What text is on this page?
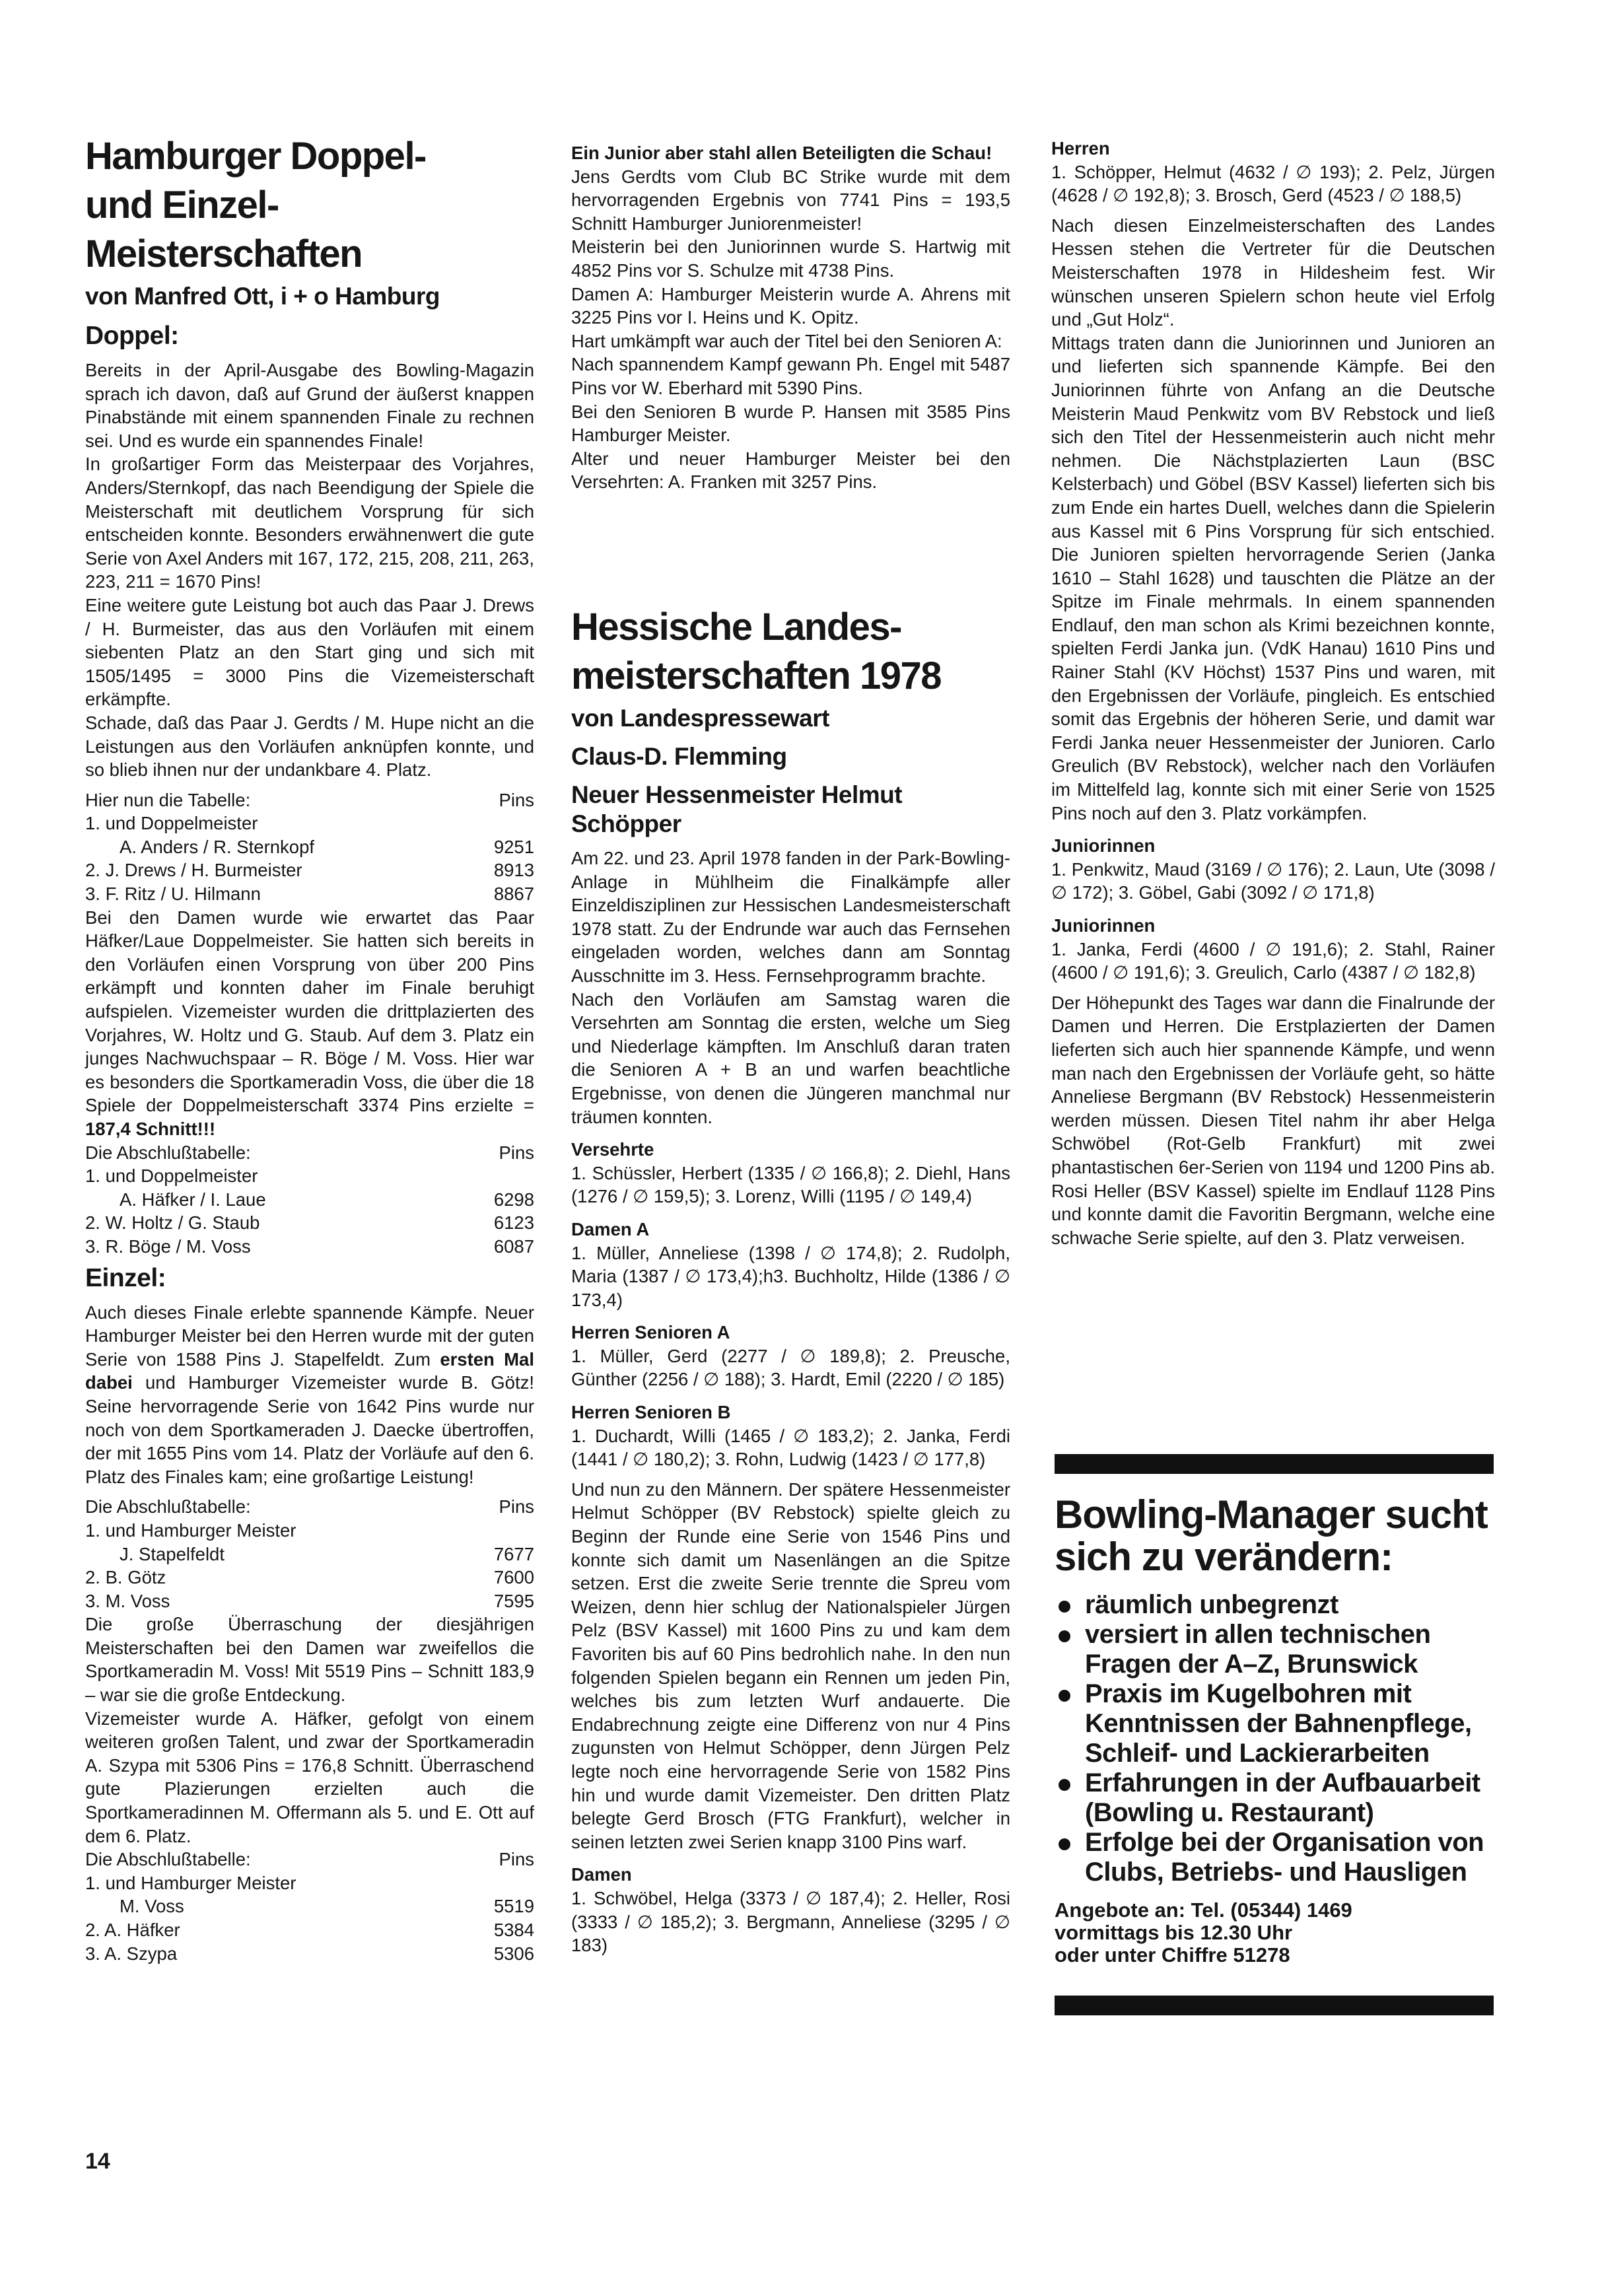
Hamburger Doppel-
und Einzel-
Meisterschaften
von Manfred Ott, i + o Hamburg
Doppel:

Bereits in der April-Ausgabe des Bowling-Magazin sprach ich davon, daß auf Grund der äußerst knappen Pinabstände mit einem spannenden Finale zu rechnen sei. Und es wurde ein spannendes Finale!

In großartiger Form das Meisterpaar des Vorjahres, Anders/Sternkopf, das nach Beendigung der Spiele die Meisterschaft mit deutlichem Vorsprung für sich entscheiden konnte. Besonders erwähnenwert die gute Serie von Axel Anders mit 167, 172, 215, 208, 211, 263, 223, 211 = 1670 Pins!

Eine weitere gute Leistung bot auch das Paar J. Drews / H. Burmeister, das aus den Vorläufen mit einem siebenten Platz an den Start ging und sich mit 1505/1495 = 3000 Pins die Vizemeisterschaft erkämpfte.

Schade, daß das Paar J. Gerdts / M. Hupe nicht an die Leistungen aus den Vorläufen anknüpfen konnte, und so blieb ihnen nur der undankbare 4. Platz.

Hier nun die Tabelle:	Pins
1. und Doppelmeister
A. Anders / R. Sternkopf	9251
2. J. Drews / H. Burmeister	8913
3. F. Ritz / U. Hilmann	8867

Bei den Damen wurde wie erwartet das Paar Häfker/Laue Doppelmeister. Sie hatten sich bereits in den Vorläufen einen Vorsprung von über 200 Pins erkämpft und konnten daher im Finale beruhigt aufspielen. Vizemeister wurden die drittplazierten des Vorjahres, W. Holtz und G. Staub. Auf dem 3. Platz ein junges Nachwuchspaar – R. Böge / M. Voss. Hier war es besonders die Sportkameradin Voss, die über die 18 Spiele der Doppelmeisterschaft 3374 Pins erzielte = 187,4 Schnitt!!!

Die Abschlußtabelle:	Pins
1. und Doppelmeister
A. Häfker / I. Laue	6298
2. W. Holtz / G. Staub	6123
3. R. Böge / M. Voss	6087
Einzel:

Auch dieses Finale erlebte spannende Kämpfe. Neuer Hamburger Meister bei den Herren wurde mit der guten Serie von 1588 Pins J. Stapelfeldt. Zum ersten Mal dabei und Hamburger Vizemeister wurde B. Götz! Seine hervorragende Serie von 1642 Pins wurde nur noch von dem Sportkameraden J. Daecke übertroffen, der mit 1655 Pins vom 14. Platz der Vorläufe auf den 6. Platz des Finales kam; eine großartige Leistung!

Die Abschlußtabelle:	Pins
1. und Hamburger Meister
J. Stapelfeldt	7677
2. B. Götz	7600
3. M. Voss	7595

Die große Überraschung der diesjährigen Meisterschaften bei den Damen war zweifellos die Sportkameradin M. Voss! Mit 5519 Pins – Schnitt 183,9 – war sie die große Entdeckung.

Vizemeister wurde A. Häfker, gefolgt von einem weiteren großen Talent, und zwar der Sportkameradin A. Szypa mit 5306 Pins = 176,8 Schnitt. Überraschend gute Plazierungen erzielten auch die Sportkameradinnen M. Offermann als 5. und E. Ott auf dem 6. Platz.

Die Abschlußtabelle:	Pins
1. und Hamburger Meister
M. Voss	5519
2. A. Häfker	5384
3. A. Szypa	5306

Ein Junior aber stahl allen Beteiligten die Schau!

Jens Gerdts vom Club BC Strike wurde mit dem hervorragenden Ergebnis von 7741 Pins = 193,5 Schnitt Hamburger Juniorenmeister!

Meisterin bei den Juniorinnen wurde S. Hartwig mit 4852 Pins vor S. Schulze mit 4738 Pins.

Damen A: Hamburger Meisterin wurde A. Ahrens mit 3225 Pins vor I. Heins und K. Opitz.

Hart umkämpft war auch der Titel bei den Senioren A:

Nach spannendem Kampf gewann Ph. Engel mit 5487 Pins vor W. Eberhard mit 5390 Pins.

Bei den Senioren B wurde P. Hansen mit 3585 Pins Hamburger Meister.

Alter und neuer Hamburger Meister bei den Versehrten: A. Franken mit 3257 Pins.

Hessische Landes-
meisterschaften 1978
von Landespressewart
Claus-D. Flemming
Neuer Hessenmeister Helmut Schöpper

Am 22. und 23. April 1978 fanden in der Park-Bowling-Anlage in Mühlheim die Finalkämpfe aller Einzeldisziplinen zur Hessischen Landesmeisterschaft 1978 statt. Zu der Endrunde war auch das Fernsehen eingeladen worden, welches dann am Sonntag Ausschnitte im 3. Hess. Fernsehprogramm brachte.

Nach den Vorläufen am Samstag waren die Versehrten am Sonntag die ersten, welche um Sieg und Niederlage kämpften. Im Anschluß daran traten die Senioren A + B an und warfen beachtliche Ergebnisse, von denen die Jüngeren manchmal nur träumen konnten.

Versehrte

1. Schüssler, Herbert (1335 / ∅ 166,8); 2. Diehl, Hans (1276 / ∅ 159,5); 3. Lorenz, Willi (1195 / ∅ 149,4)

Damen A

1. Müller, Anneliese (1398 / ∅ 174,8); 2. Rudolph, Maria (1387 / ∅ 173,4);h3. Buchholtz, Hilde (1386 / ∅ 173,4)

Herren Senioren A

1. Müller, Gerd (2277 / ∅ 189,8); 2. Preusche, Günther (2256 / ∅ 188); 3. Hardt, Emil (2220 / ∅ 185)

Herren Senioren B

1. Duchardt, Willi (1465 / ∅ 183,2); 2. Janka, Ferdi (1441 / ∅ 180,2); 3. Rohn, Ludwig (1423 / ∅ 177,8)

Und nun zu den Männern. Der spätere Hessenmeister Helmut Schöpper (BV Rebstock) spielte gleich zu Beginn der Runde eine Serie von 1546 Pins und konnte sich damit um Nasenlängen an die Spitze setzen. Erst die zweite Serie trennte die Spreu vom Weizen, denn hier schlug der Nationalspieler Jürgen Pelz (BSV Kassel) mit 1600 Pins zu und kam dem Favoriten bis auf 60 Pins bedrohlich nahe. In den nun folgenden Spielen begann ein Rennen um jeden Pin, welches bis zum letzten Wurf andauerte. Die Endabrechnung zeigte eine Differenz von nur 4 Pins zugunsten von Helmut Schöpper, denn Jürgen Pelz legte noch eine hervorragende Serie von 1582 Pins hin und wurde damit Vizemeister. Den dritten Platz belegte Gerd Brosch (FTG Frankfurt), welcher in seinen letzten zwei Serien knapp 3100 Pins warf.

Damen

1. Schwöbel, Helga (3373 / ∅ 187,4); 2. Heller, Rosi (3333 / ∅ 185,2); 3. Bergmann, Anneliese (3295 / ∅ 183)

Herren

1. Schöpper, Helmut (4632 / ∅ 193); 2. Pelz, Jürgen (4628 / ∅ 192,8); 3. Brosch, Gerd (4523 / ∅ 188,5)

Nach diesen Einzelmeisterschaften des Landes Hessen stehen die Vertreter für die Deutschen Meisterschaften 1978 in Hildesheim fest. Wir wünschen unseren Spielern schon heute viel Erfolg und „Gut Holz“.

Mittags traten dann die Juniorinnen und Junioren an und lieferten sich spannende Kämpfe. Bei den Juniorinnen führte von Anfang an die Deutsche Meisterin Maud Penkwitz vom BV Rebstock und ließ sich den Titel der Hessenmeisterin auch nicht mehr nehmen. Die Nächstplazierten Laun (BSC Kelsterbach) und Göbel (BSV Kassel) lieferten sich bis zum Ende ein hartes Duell, welches dann die Spielerin aus Kassel mit 6 Pins Vorsprung für sich entschied. Die Junioren spielten hervorragende Serien (Janka 1610 – Stahl 1628) und tauschten die Plätze an der Spitze im Finale mehrmals. In einem spannenden Endlauf, den man schon als Krimi bezeichnen konnte, spielten Ferdi Janka jun. (VdK Hanau) 1610 Pins und Rainer Stahl (KV Höchst) 1537 Pins und waren, mit den Ergebnissen der Vorläufe, pingleich. Es entschied somit das Ergebnis der höheren Serie, und damit war Ferdi Janka neuer Hessenmeister der Junioren. Carlo Greulich (BV Rebstock), welcher nach den Vorläufen im Mittelfeld lag, konnte sich mit einer Serie von 1525 Pins noch auf den 3. Platz vorkämpfen.

Juniorinnen

1. Penkwitz, Maud (3169 / ∅ 176); 2. Laun, Ute (3098 / ∅ 172); 3. Göbel, Gabi (3092 / ∅ 171,8)

Juniorinnen

1. Janka, Ferdi (4600 / ∅ 191,6); 2. Stahl, Rainer (4600 / ∅ 191,6); 3. Greulich, Carlo (4387 / ∅ 182,8)

Der Höhepunkt des Tages war dann die Finalrunde der Damen und Herren. Die Erstplazierten der Damen lieferten sich auch hier spannende Kämpfe, und wenn man nach den Ergebnissen der Vorläufe geht, so hätte Anneliese Bergmann (BV Rebstock) Hessenmeisterin werden müssen. Diesen Titel nahm ihr aber Helga Schwöbel (Rot-Gelb Frankfurt) mit zwei phantastischen 6er-Serien von 1194 und 1200 Pins ab. Rosi Heller (BSV Kassel) spielte im Endlauf 1128 Pins und konnte damit die Favoritin Bergmann, welche eine schwache Serie spielte, auf den 3. Platz verweisen.

Bowling-Manager sucht sich zu verändern:
räumlich unbegrenzt
versiert in allen technischen Fragen der A–Z, Brunswick
Praxis im Kugelbohren mit Kenntnissen der Bahnenpflege, Schleif- und Lackierarbeiten
Erfahrungen in der Aufbauarbeit (Bowling u. Restaurant)
Erfolge bei der Organisation von Clubs, Betriebs- und Hausligen
Angebote an: Tel. (05344) 1469
vormittags bis 12.30 Uhr
oder unter Chiffre 51278
14
